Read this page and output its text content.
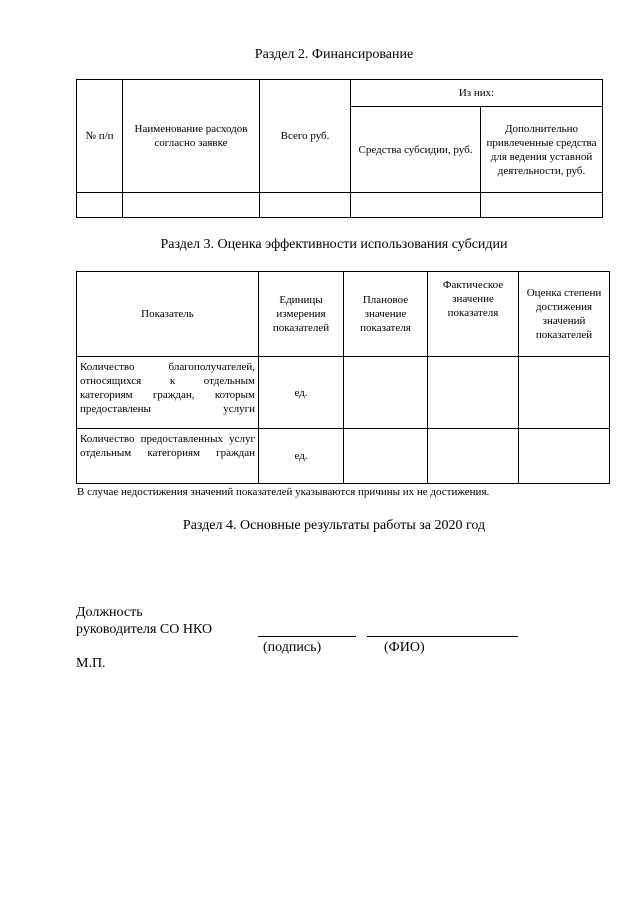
Раздел 2. Финансирование
№ п/п	Наименование расходов согласно заявке	Всего руб.	Из них:	
			Средства субсидии, руб.	Дополнительно привлеченные средства для ведения уставной деятельности, руб.

Раздел 3. Оценка эффективности использования субсидии
Показатель	Единицы измерения показателей	Плановое значение показателя	Фактическое значение показателя	Оценка степени достижения значений показателей
Количество благополучателей, относящихся к отдельным категориям граждан, которым предоставлены услуги	ед.			
Количество предоставленных услуг отдельным категориям граждан	ед.			
В случае недостижения значений показателей указываются причины их не достижения.
Раздел 4. Основные результаты работы за 2020 год
Должность
руководителя СО НКО
(подпись)	(ФИО)
М.П.
